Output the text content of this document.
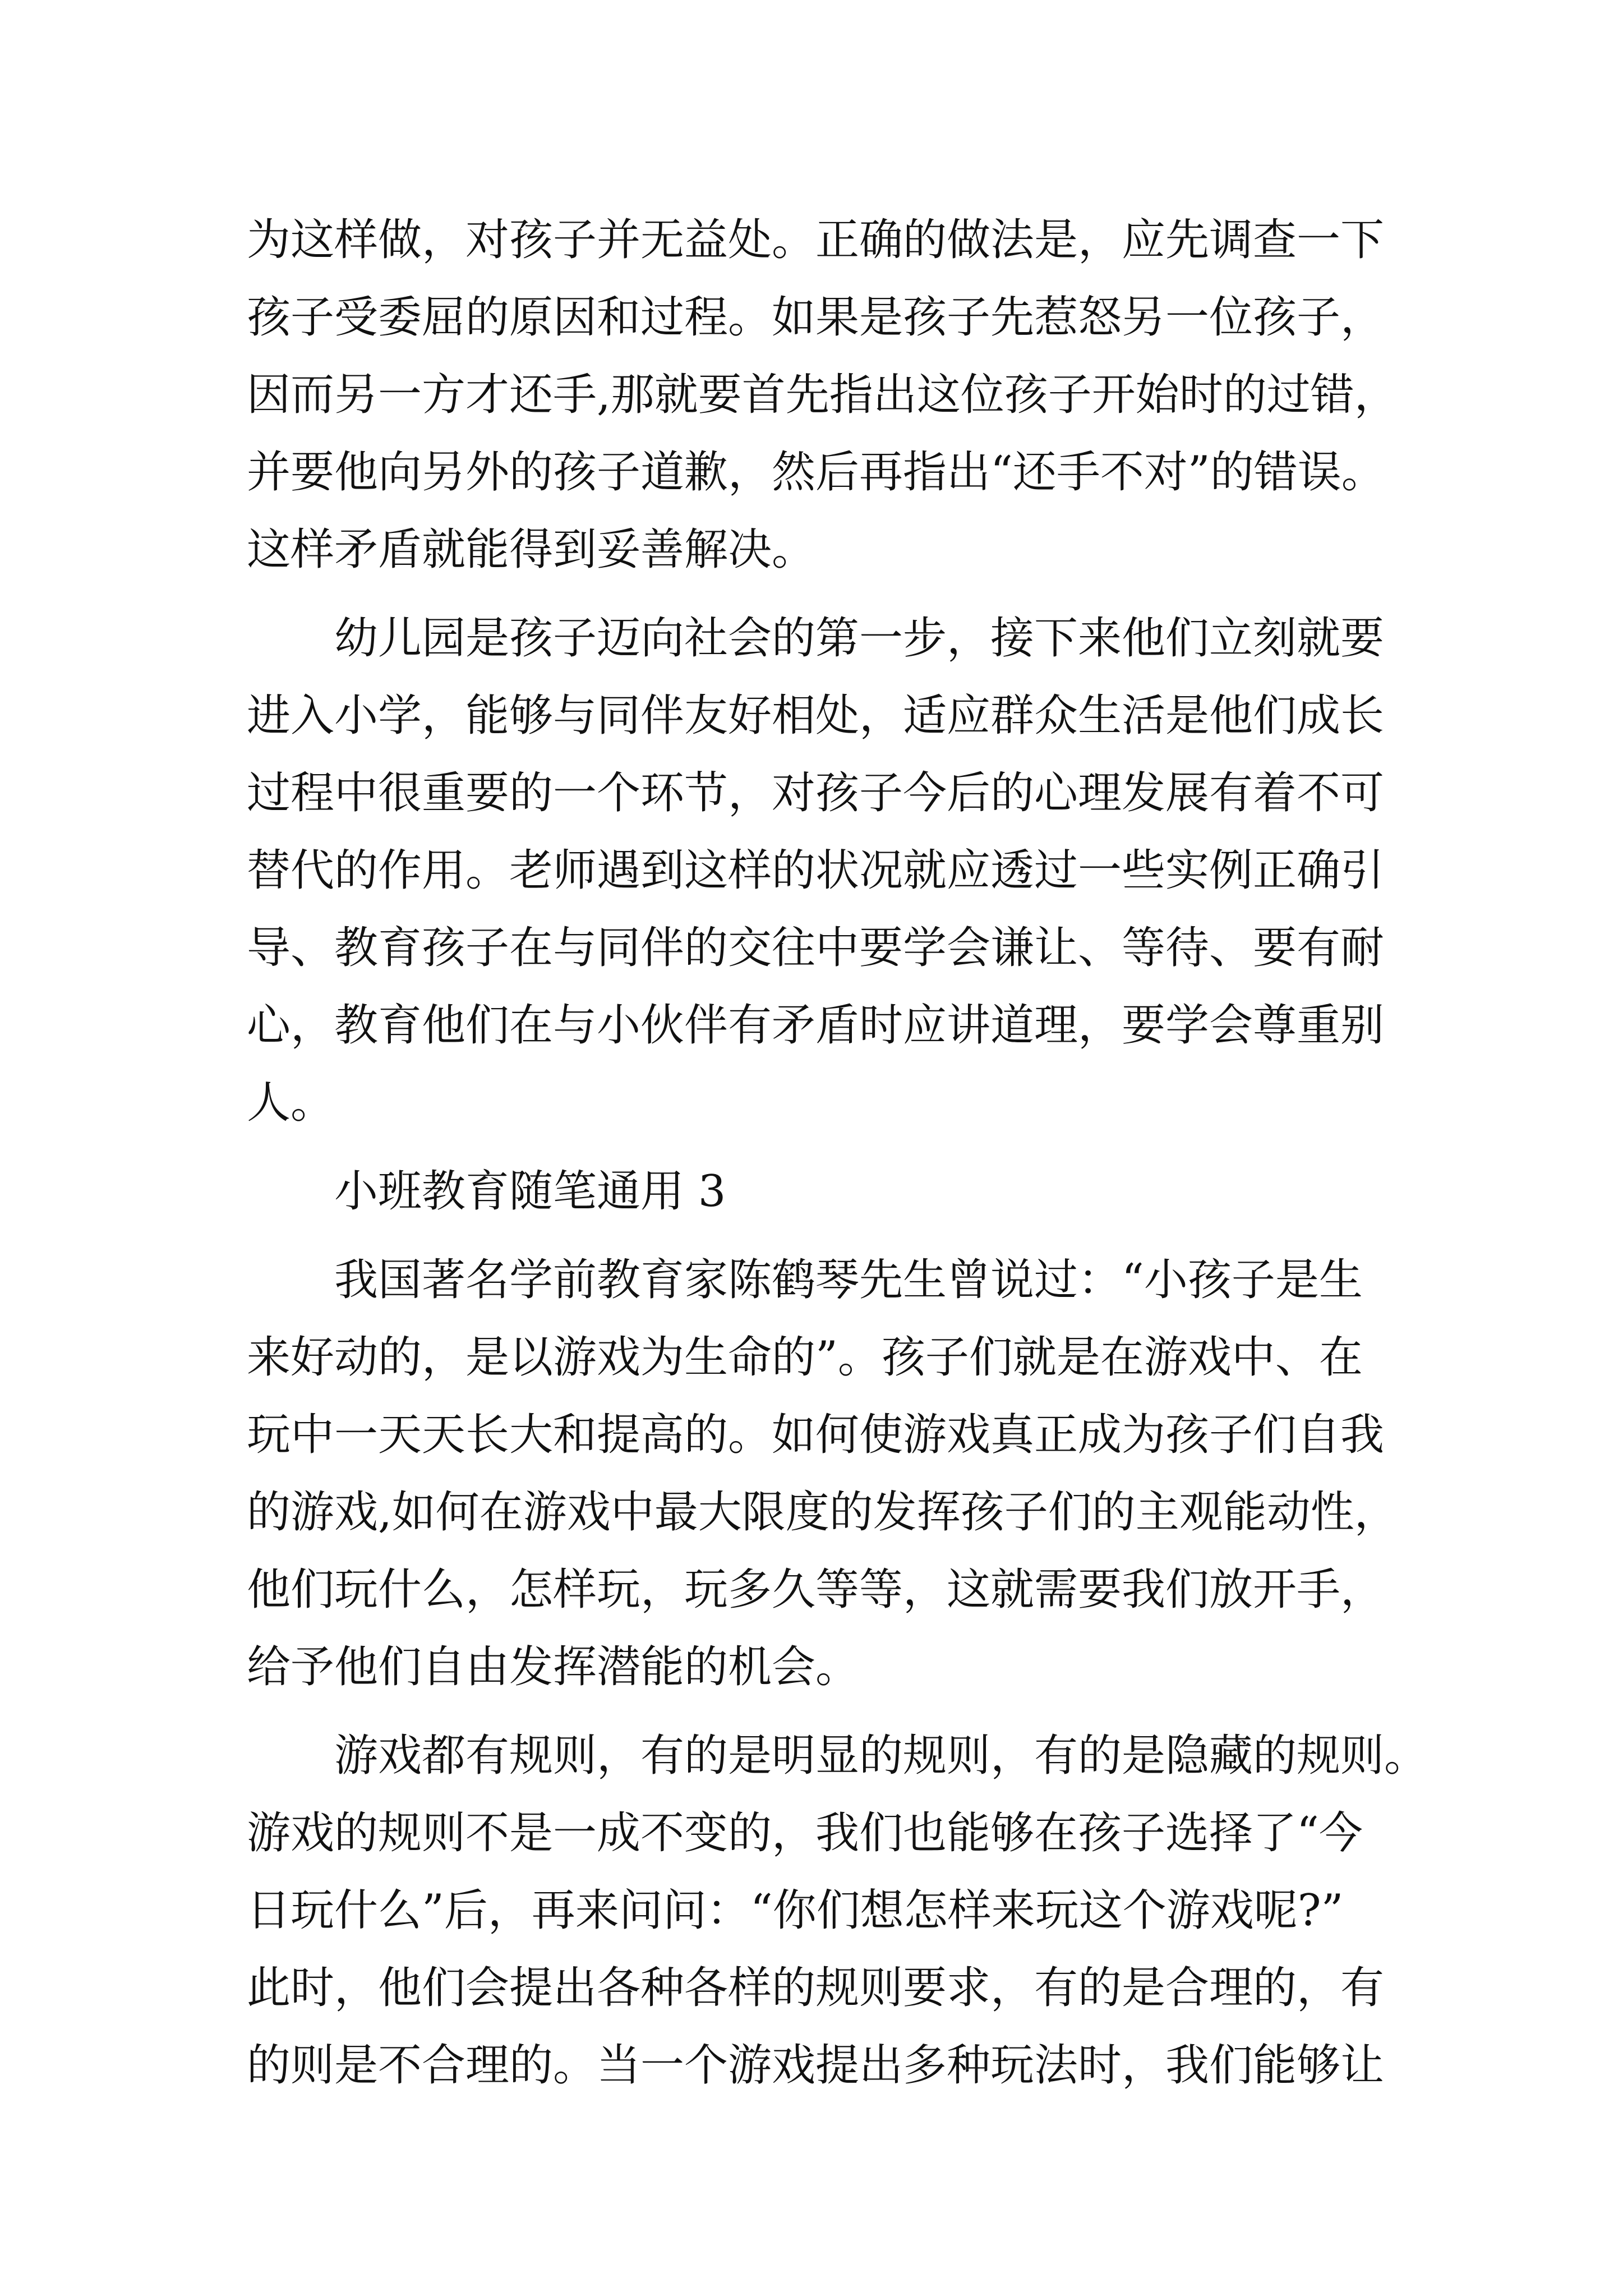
为这样做，对孩子并无益处。正确的做法是，应先调查一下

孩子受委屈的原因和过程。如果是孩子先惹怒另一位孩子，

因而另一方才还手,那就要首先指出这位孩子开始时的过错，

并要他向另外的孩子道歉，然后再指出“还手不对”的错误。

这样矛盾就能得到妥善解决。

幼儿园是孩子迈向社会的第一步，接下来他们立刻就要

进入小学，能够与同伴友好相处，适应群众生活是他们成长

过程中很重要的一个环节，对孩子今后的心理发展有着不可

替代的作用。老师遇到这样的状况就应透过一些实例正确引

导、教育孩子在与同伴的交往中要学会谦让、等待、要有耐

心，教育他们在与小伙伴有矛盾时应讲道理，要学会尊重别

人。

小班教育随笔通用 3

我国著名学前教育家陈鹤琴先生曾说过：“小孩子是生

来好动的，是以游戏为生命的”。孩子们就是在游戏中、在

玩中一天天长大和提高的。如何使游戏真正成为孩子们自我

的游戏,如何在游戏中最大限度的发挥孩子们的主观能动性，

他们玩什么，怎样玩，玩多久等等，这就需要我们放开手，

给予他们自由发挥潜能的机会。

游戏都有规则，有的是明显的规则，有的是隐藏的规则。

游戏的规则不是一成不变的，我们也能够在孩子选择了“今

日玩什么”后，再来问问：“你们想怎样来玩这个游戏呢?”

此时，他们会提出各种各样的规则要求，有的是合理的，有

的则是不合理的。当一个游戏提出多种玩法时，我们能够让
